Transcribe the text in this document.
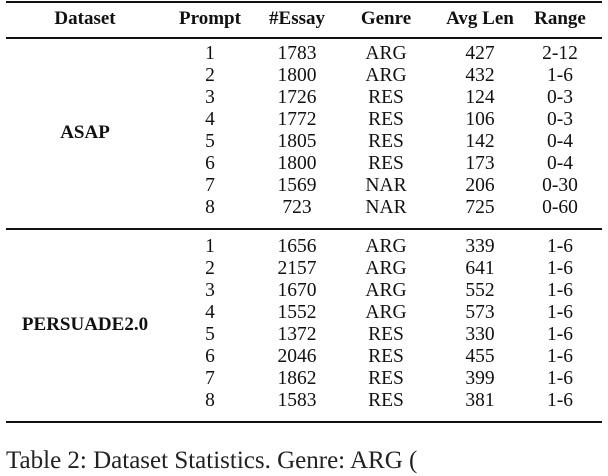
Dataset	Prompt	#Essay	Genre	Avg Len	Range
ASAP
1	1783	ARG	427	2-12
2	1800	ARG	432	1-6
3	1726	RES	124	0-3
4	1772	RES	106	0-3
5	1805	RES	142	0-4
6	1800	RES	173	0-4
7	1569	NAR	206	0-30
8	723	NAR	725	0-60
PERSUADE2.0
1	1656	ARG	339	1-6
2	2157	ARG	641	1-6
3	1670	ARG	552	1-6
4	1552	ARG	573	1-6
5	1372	RES	330	1-6
6	2046	RES	455	1-6
7	1862	RES	399	1-6
8	1583	RES	381	1-6
Table 2: Dataset Statistics. Genre: ARG (
